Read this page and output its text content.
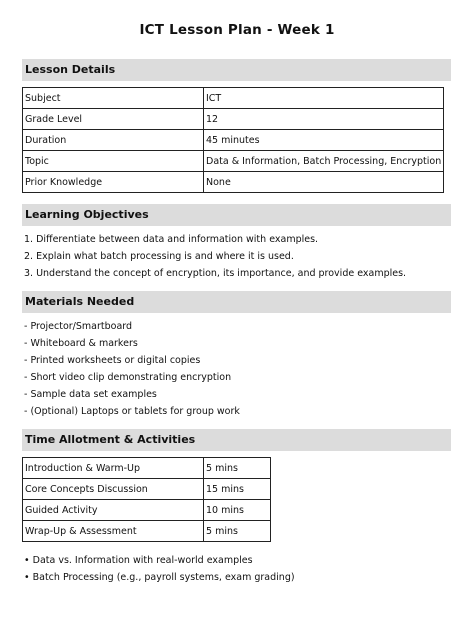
ICT Lesson Plan - Week 1
Lesson Details
Subject	ICT
Grade Level	12
Duration	45 minutes
Topic	Data & Information, Batch Processing, Encryption
Prior Knowledge	None
Learning Objectives
1. Differentiate between data and information with examples.
2. Explain what batch processing is and where it is used.
3. Understand the concept of encryption, its importance, and provide examples.
Materials Needed
- Projector/Smartboard
- Whiteboard & markers
- Printed worksheets or digital copies
- Short video clip demonstrating encryption
- Sample data set examples
- (Optional) Laptops or tablets for group work
Time Allotment & Activities
Introduction & Warm-Up	5 mins
Core Concepts Discussion	15 mins
Guided Activity	10 mins
Wrap-Up & Assessment	5 mins
• Data vs. Information with real-world examples
• Batch Processing (e.g., payroll systems, exam grading)
